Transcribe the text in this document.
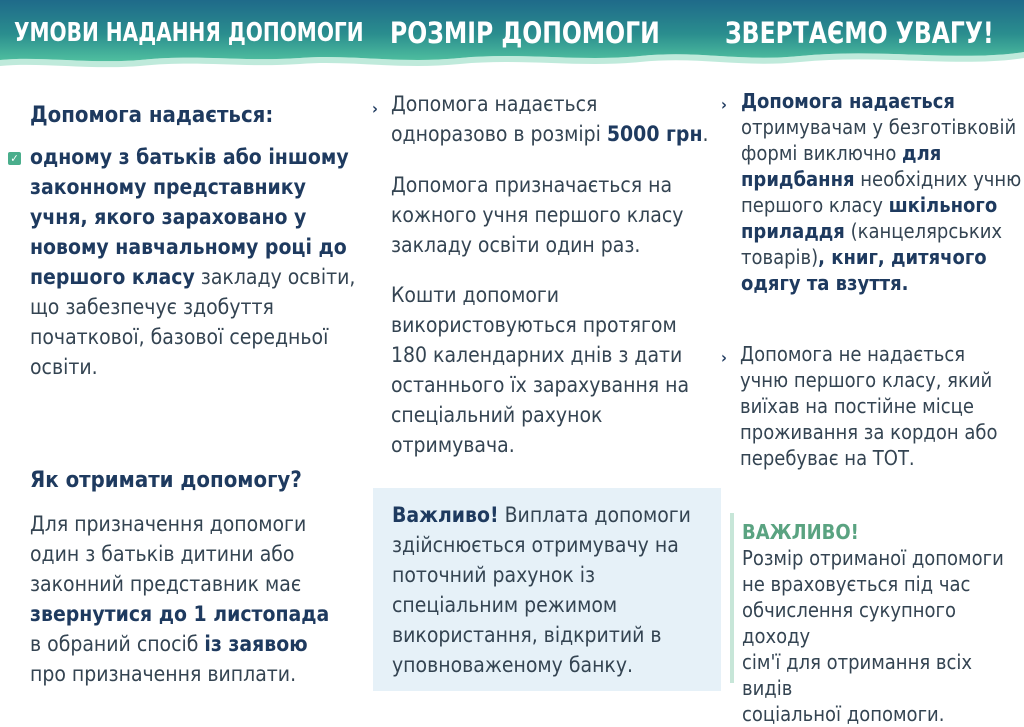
УМОВИ НАДАННЯ ДОПОМОГИ РОЗМІР ДОПОМОГИ ЗВЕРТАЄМО УВАГУ!
Допомога надається:
✓ одному з батьків або іншому
законному представнику
учня, якого зараховано у
новому навчальному році до
першого класу закладу освіти,
що забезпечує здобуття
початкової, базової середньої
освіти.
Як отримати допомогу?
Для призначення допомоги
один з батьків дитини або
законний представник має
звернутися до 1 листопада
в обраний спосіб із заявою
про призначення виплати.
› Допомога надається
одноразово в розмірі 5000 грн.
Допомога призначається на
кожного учня першого класу
закладу освіти один раз.
Кошти допомоги
використовуються протягом
180 календарних днів з дати
останнього їх зарахування на
спеціальний рахунок
отримувача.
Важливо! Виплата допомоги
здійснюється отримувачу на
поточний рахунок із
спеціальним режимом
використання, відкритий в
уповноваженому банку.
› Допомога надається
отримувачам у безготівковій
формі виключно для
придбання необхідних учню
першого класу шкільного
приладдя (канцелярських
товарів), книг, дитячого
одягу та взуття.
› Допомога не надається
учню першого класу, який
виїхав на постійне місце
проживання за кордон або
перебуває на ТОТ.
ВАЖЛИВО!
Розмір отриманої допомоги
не враховується під час
обчислення сукупного доходу
сім'ї для отримання всіх видів
соціальної допомоги.
